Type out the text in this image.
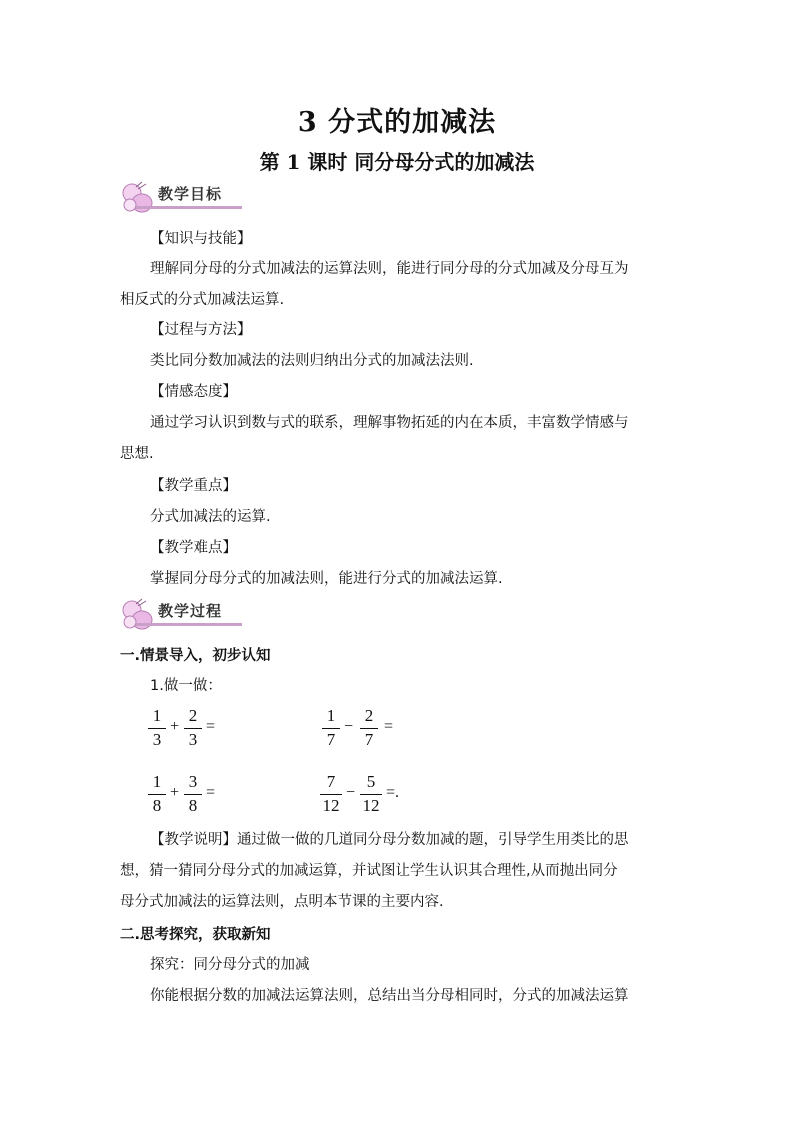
3 分式的加减法
第 1 课时 同分母分式的加减法
教学目标
【知识与技能】
理解同分母的分式加减法的运算法则，能进行同分母的分式加减及分母互为
相反式的分式加减法运算.
【过程与方法】
类比同分数加减法的法则归纳出分式的加减法法则.
【情感态度】
通过学习认识到数与式的联系，理解事物拓延的内在本质，丰富数学情感与
思想.
【教学重点】
分式加减法的运算.
【教学难点】
掌握同分母分式的加减法则，能进行分式的加减法运算.
教学过程
一.情景导入，初步认知
1.做一做：
1
3
+
2
3
=
1
7
−
2
7
=
1
8
+
3
8
=
7
12
−
5
12
=.
【教学说明】通过做一做的几道同分母分数加减的题，引导学生用类比的思
想，猜一猜同分母分式的加减运算，并试图让学生认识其合理性,从而抛出同分
母分式加减法的运算法则，点明本节课的主要内容.
二.思考探究，获取新知
探究：同分母分式的加减
你能根据分数的加减法运算法则，总结出当分母相同时，分式的加减法运算
